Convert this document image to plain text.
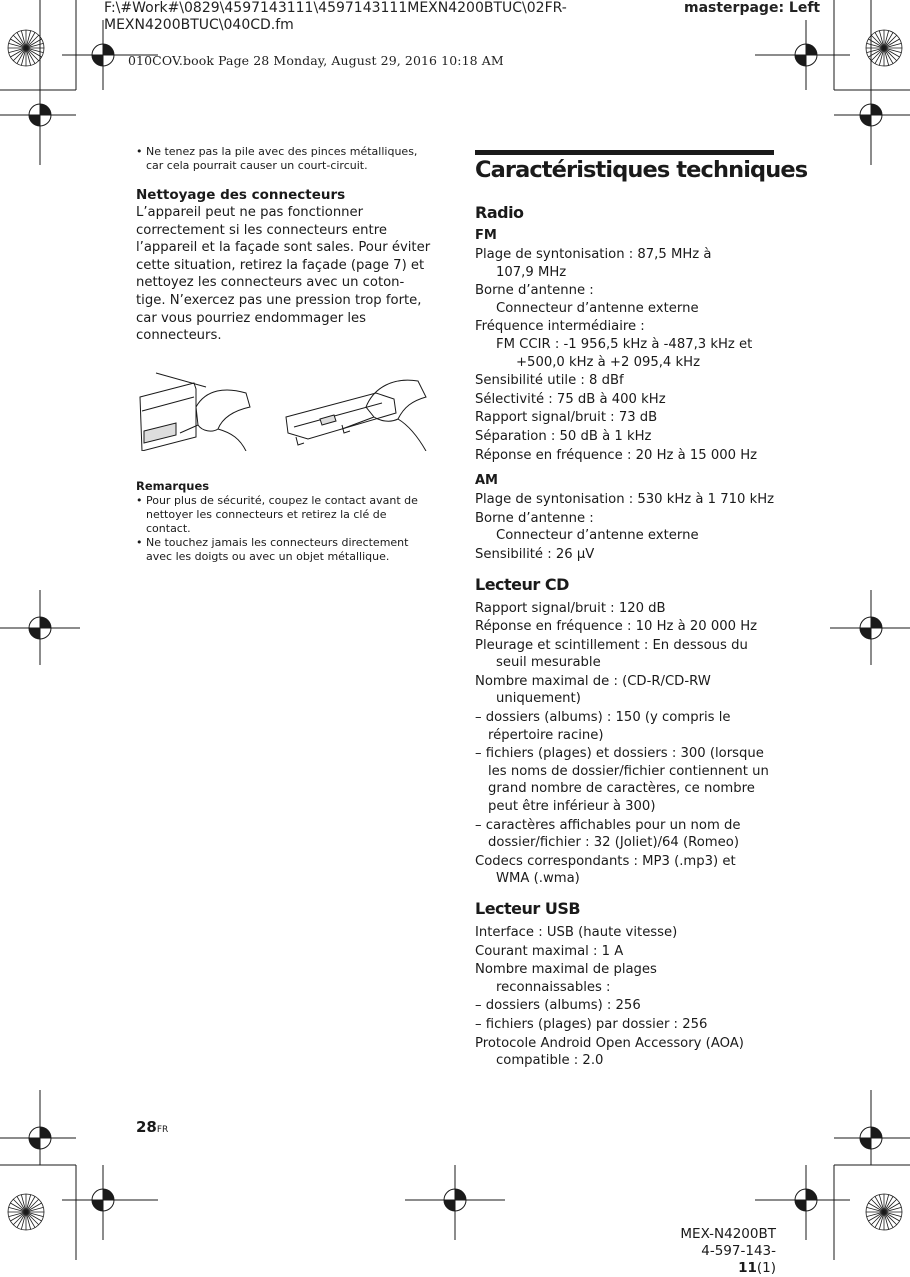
F:\#Work#\0829\4597143111\4597143111MEXN4200BTUC\02FR-
MEXN4200BTUC\040CD.fm
masterpage: Left
010COV.book Page 28 Monday, August 29, 2016 10:18 AM

• Ne tenez pas la pile avec des pinces métalliques, car cela pourrait causer un court-circuit.

Nettoyage des connecteurs

L’appareil peut ne pas fonctionner correctement si les connecteurs entre l’appareil et la façade sont sales. Pour éviter cette situation, retirez la façade (page 7) et nettoyez les connecteurs avec un coton-tige. N’exercez pas une pression trop forte, car vous pourriez endommager les connecteurs.

Remarques

• Pour plus de sécurité, coupez le contact avant de nettoyer les connecteurs et retirez la clé de contact.

• Ne touchez jamais les connecteurs directement avec les doigts ou avec un objet métallique.

Caractéristiques techniques

Radio

FM

Plage de syntonisation : 87,5 MHz à
107,9 MHz

Borne d’antenne :
Connecteur d’antenne externe

Fréquence intermédiaire :
FM CCIR : -1 956,5 kHz à -487,3 kHz et
+500,0 kHz à +2 095,4 kHz

Sensibilité utile : 8 dBf

Sélectivité : 75 dB à 400 kHz

Rapport signal/bruit : 73 dB

Séparation : 50 dB à 1 kHz

Réponse en fréquence : 20 Hz à 15 000 Hz

AM

Plage de syntonisation : 530 kHz à 1 710 kHz

Borne d’antenne :
Connecteur d’antenne externe

Sensibilité : 26 µV

Lecteur CD

Rapport signal/bruit : 120 dB

Réponse en fréquence : 10 Hz à 20 000 Hz

Pleurage et scintillement : En dessous du
seuil mesurable

Nombre maximal de : (CD-R/CD-RW
uniquement)

– dossiers (albums) : 150 (y compris le
répertoire racine)

– fichiers (plages) et dossiers : 300 (lorsque
les noms de dossier/fichier contiennent un
grand nombre de caractères, ce nombre
peut être inférieur à 300)

– caractères affichables pour un nom de
dossier/fichier : 32 (Joliet)/64 (Romeo)

Codecs correspondants : MP3 (.mp3) et
WMA (.wma)

Lecteur USB

Interface : USB (haute vitesse)

Courant maximal : 1 A

Nombre maximal de plages
reconnaissables :

– dossiers (albums) : 256

– fichiers (plages) par dossier : 256

Protocole Android Open Accessory (AOA)
compatible : 2.0

28FR
MEX-N4200BT
4-597-143-11(1)
